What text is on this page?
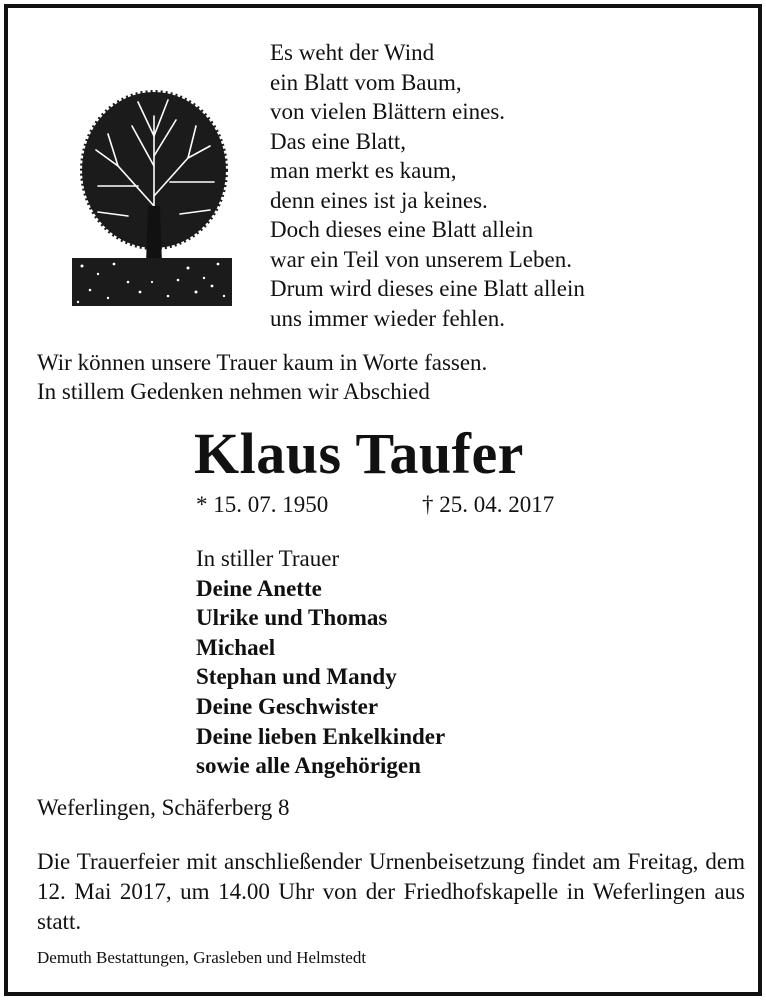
Es weht der Wind
ein Blatt vom Baum,
von vielen Blättern eines.
Das eine Blatt,
man merkt es kaum,
denn eines ist ja keines.
Doch dieses eine Blatt allein
war ein Teil von unserem Leben.
Drum wird dieses eine Blatt allein
uns immer wieder fehlen.
Wir können unsere Trauer kaum in Worte fassen.
In stillem Gedenken nehmen wir Abschied
Klaus Taufer
* 15. 07. 1950	† 25. 04. 2017
In stiller Trauer
Deine Anette
Ulrike und Thomas
Michael
Stephan und Mandy
Deine Geschwister
Deine lieben Enkelkinder
sowie alle Angehörigen
Weferlingen, Schäferberg 8
Die Trauerfeier mit anschließender Urnenbeisetzung findet am Freitag, dem 12. Mai 2017, um 14.00 Uhr von der Friedhofskapelle in Weferlingen aus statt.
Demuth Bestattungen, Grasleben und Helmstedt
